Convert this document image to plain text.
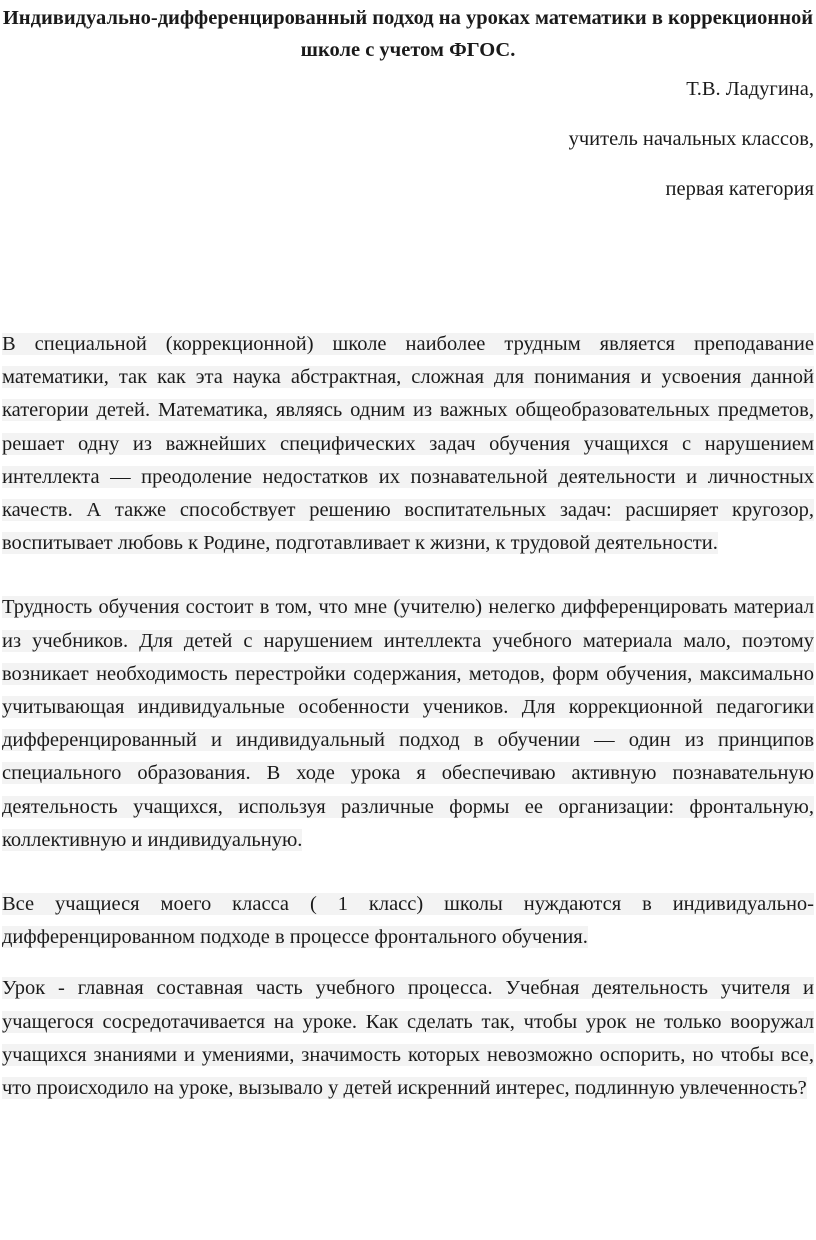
Индивидуально-дифференцированный подход на уроках математики в коррекционной школе с учетом ФГОС.
Т.В. Ладугина,
учитель начальных классов,
первая категория

В специальной (коррекционной) школе наиболее трудным является преподавание математики, так как эта наука абстрактная, сложная для понимания и усвоения данной категории детей. Математика, являясь одним из важных общеобразовательных предметов, решает одну из важнейших специфических задач обучения учащихся с нарушением интеллекта — преодоление недостатков их познавательной деятельности и личностных качеств. А также способствует решению воспитательных задач: расширяет кругозор, воспитывает любовь к Родине, подготавливает к жизни, к трудовой деятельности.

Трудность обучения состоит в том, что мне (учителю) нелегко дифференцировать материал из учебников. Для детей с нарушением интеллекта учебного материала мало, поэтому возникает необходимость перестройки содержания, методов, форм обучения, максимально учитывающая индивидуальные особенности учеников. Для коррекционной педагогики дифференцированный и индивидуальный подход в обучении — один из принципов специального образования. В ходе урока я обеспечиваю активную познавательную деятельность учащихся, используя различные формы ее организации: фронтальную, коллективную и индивидуальную.

Все учащиеся моего класса ( 1 класс) школы нуждаются в индивидуально-дифференцированном подходе в процессе фронтального обучения.

Урок - главная составная часть учебного процесса. Учебная деятельность учителя и учащегося сосредотачивается на уроке. Как сделать так, чтобы урок не только вооружал учащихся знаниями и умениями, значимость которых невозможно оспорить, но чтобы все, что происходило на уроке, вызывало у детей искренний интерес, подлинную увлеченность?
